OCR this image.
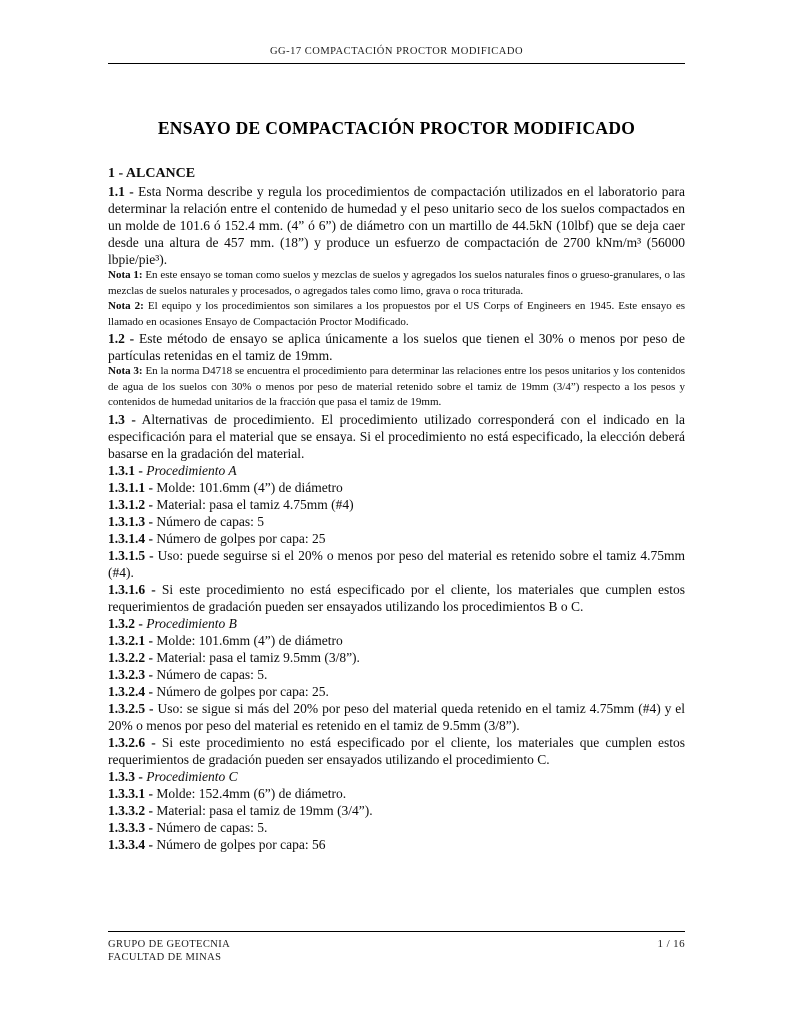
GG-17 COMPACTACIÓN PROCTOR MODIFICADO
ENSAYO DE COMPACTACIÓN PROCTOR MODIFICADO

1 - ALCANCE

1.1 - Esta Norma describe y regula los procedimientos de compactación utilizados en el laboratorio para determinar la relación entre el contenido de humedad y el peso unitario seco de los suelos compactados en un molde de 101.6 ó 152.4 mm. (4” ó 6”) de diámetro con un martillo de 44.5kN (10lbf) que se deja caer desde una altura de 457 mm. (18”) y produce un esfuerzo de compactación de 2700 kNm/m³ (56000 lbpie/pie³).

Nota 1: En este ensayo se toman como suelos y mezclas de suelos y agregados los suelos naturales finos o grueso-granulares, o las mezclas de suelos naturales y procesados, o agregados tales como limo, grava o roca triturada.

Nota 2: El equipo y los procedimientos son similares a los propuestos por el US Corps of Engineers en 1945. Este ensayo es llamado en ocasiones Ensayo de Compactación Proctor Modificado.

1.2 - Este método de ensayo se aplica únicamente a los suelos que tienen el 30% o menos por peso de partículas retenidas en el tamiz de 19mm.

Nota 3: En la norma D4718 se encuentra el procedimiento para determinar las relaciones entre los pesos unitarios y los contenidos de agua de los suelos con 30% o menos por peso de material retenido sobre el tamiz de 19mm (3/4”) respecto a los pesos y contenidos de humedad unitarios de la fracción que pasa el tamiz de 19mm.

1.3 - Alternativas de procedimiento. El procedimiento utilizado corresponderá con el indicado en la especificación para el material que se ensaya. Si el procedimiento no está especificado, la elección deberá basarse en la gradación del material.

1.3.1 - Procedimiento A

1.3.1.1 - Molde: 101.6mm (4”) de diámetro

1.3.1.2 - Material: pasa el tamiz 4.75mm (#4)

1.3.1.3 - Número de capas: 5

1.3.1.4 - Número de golpes por capa: 25

1.3.1.5 - Uso: puede seguirse si el 20% o menos por peso del material es retenido sobre el tamiz 4.75mm (#4).

1.3.1.6 - Si este procedimiento no está especificado por el cliente, los materiales que cumplen estos requerimientos de gradación pueden ser ensayados utilizando los procedimientos B o C.

1.3.2 - Procedimiento B

1.3.2.1 - Molde: 101.6mm (4”) de diámetro

1.3.2.2 - Material: pasa el tamiz 9.5mm (3/8”).

1.3.2.3 - Número de capas: 5.

1.3.2.4 - Número de golpes por capa: 25.

1.3.2.5 - Uso: se sigue si más del 20% por peso del material queda retenido en el tamiz 4.75mm (#4) y el 20% o menos por peso del material es retenido en el tamiz de 9.5mm (3/8”).

1.3.2.6 - Si este procedimiento no está especificado por el cliente, los materiales que cumplen estos requerimientos de gradación pueden ser ensayados utilizando el procedimiento C.

1.3.3 - Procedimiento C

1.3.3.1 - Molde: 152.4mm (6”) de diámetro.

1.3.3.2 - Material: pasa el tamiz de 19mm (3/4”).

1.3.3.3 - Número de capas: 5.

1.3.3.4 - Número de golpes por capa: 56

GRUPO DE GEOTECNIA
FACULTAD DE MINAS
1 / 16
